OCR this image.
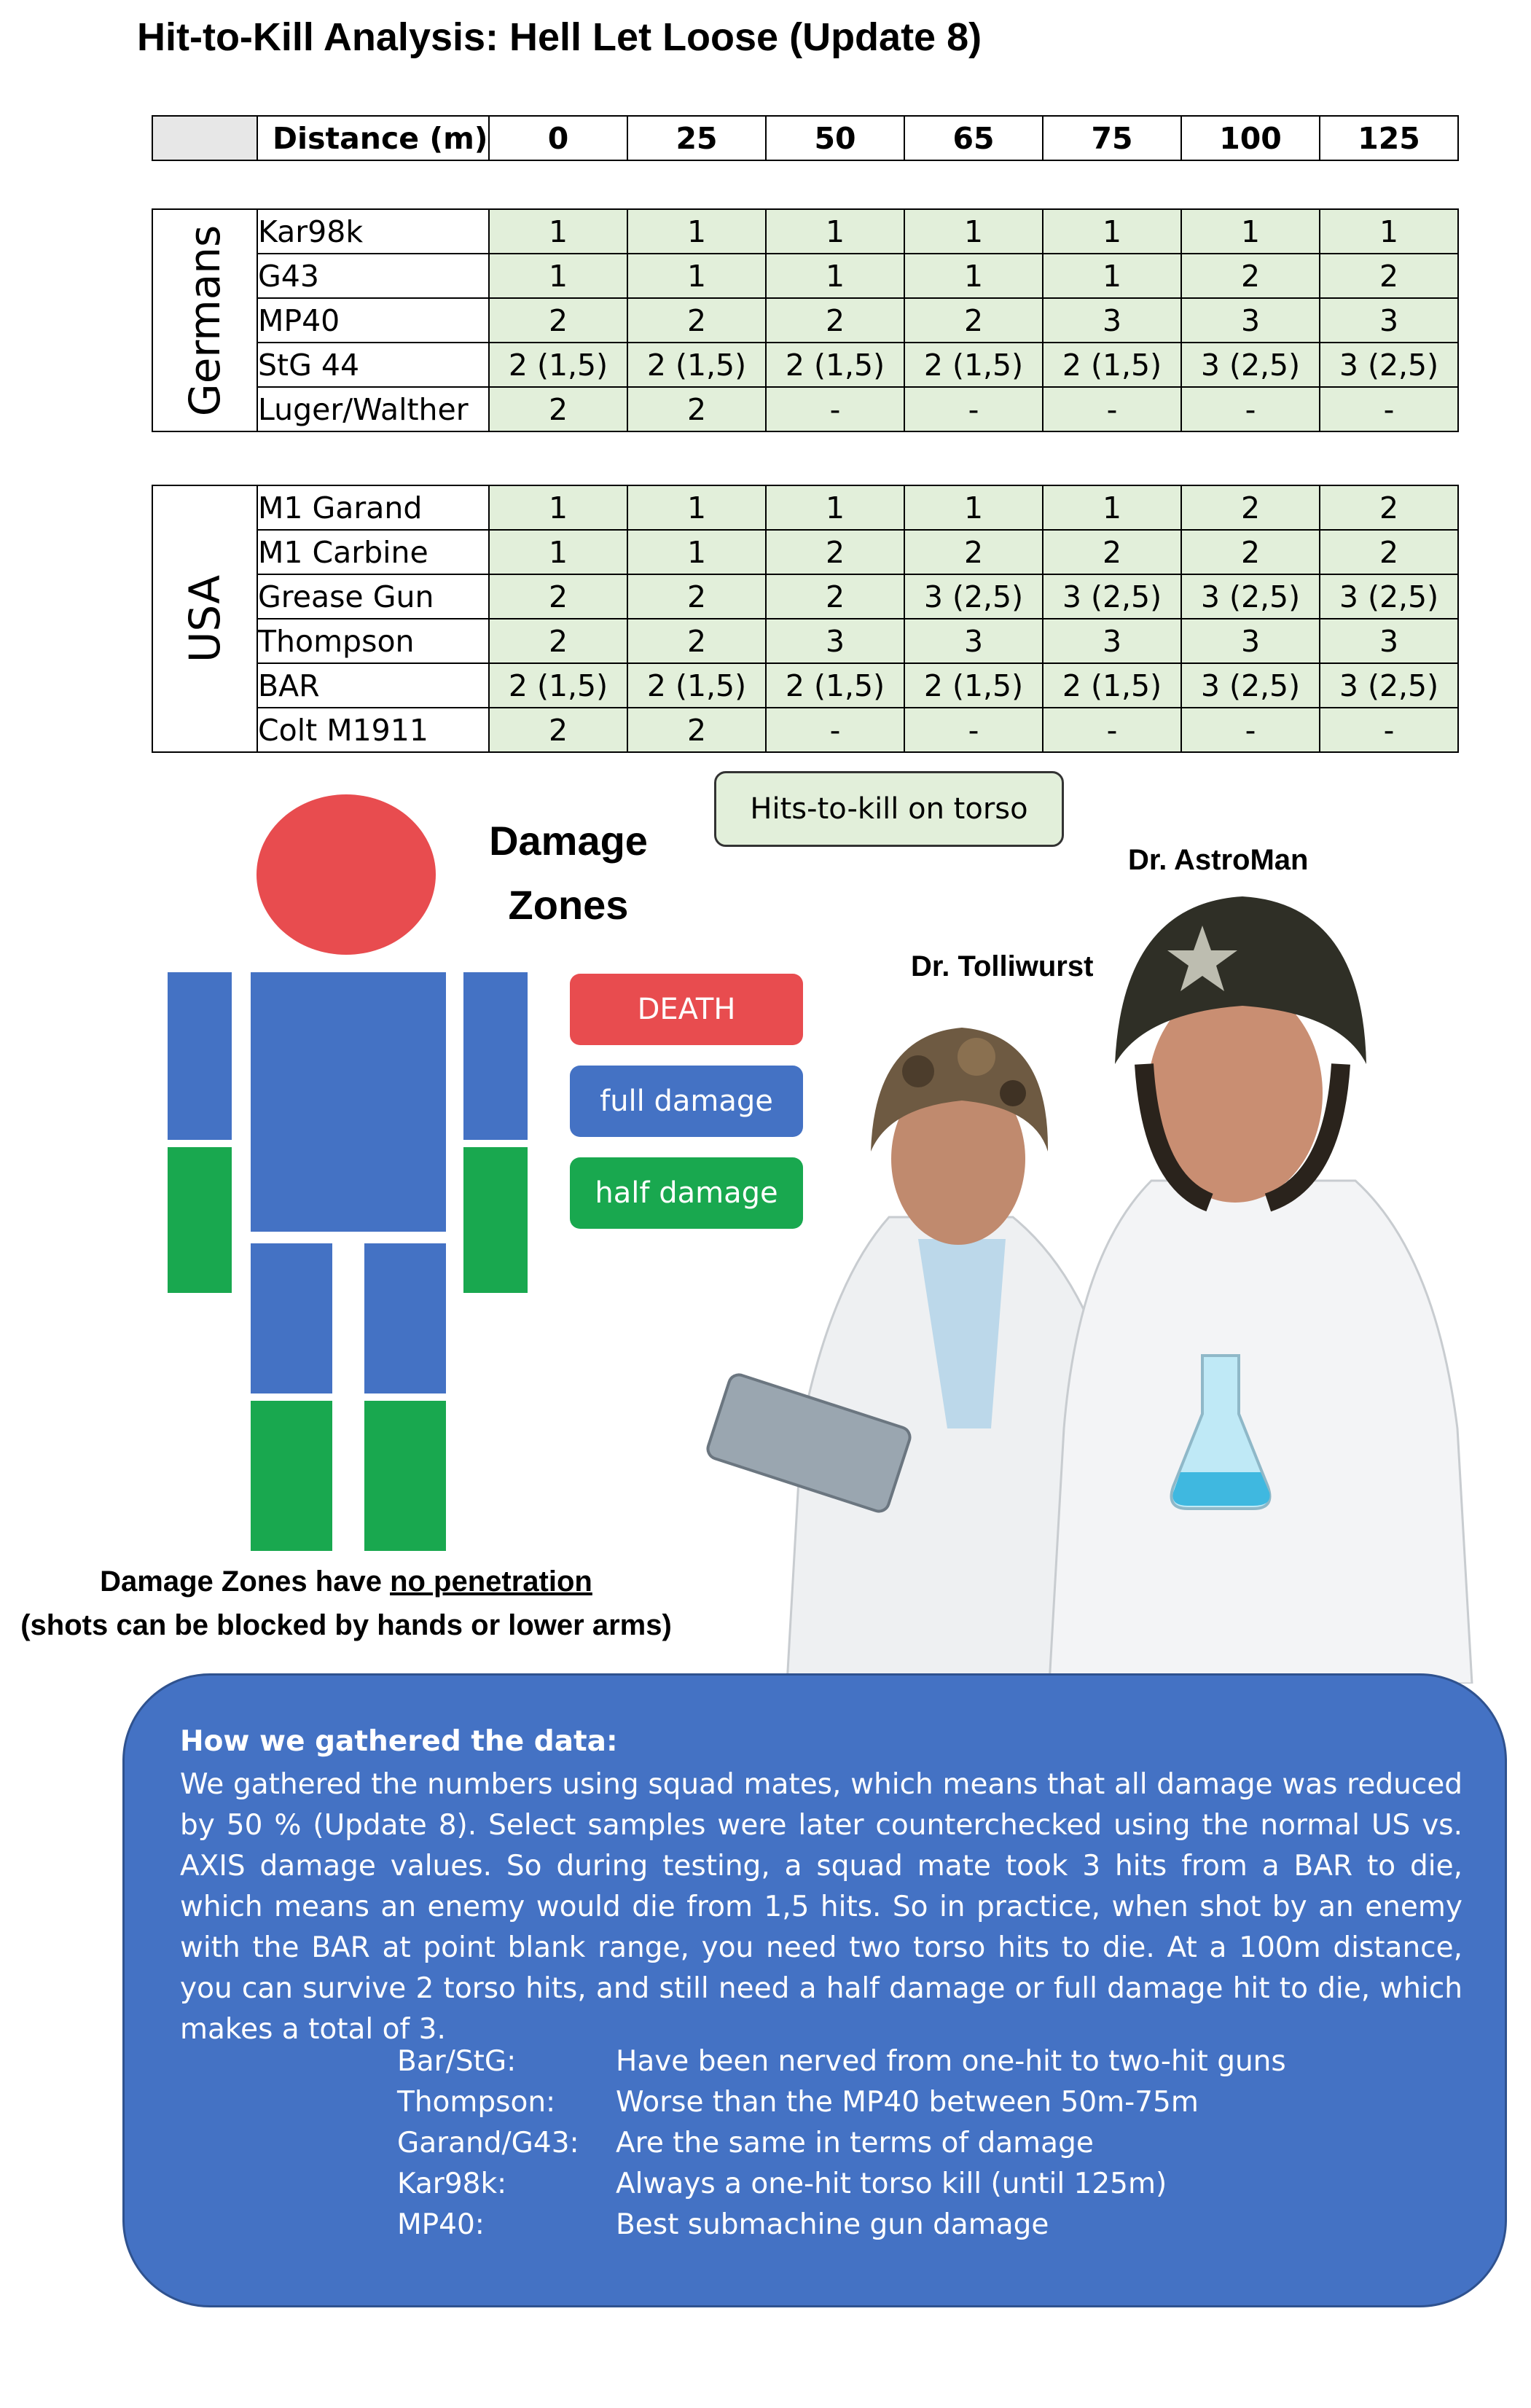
Hit-to-Kill Analysis: Hell Let Loose (Update 8)
	Distance (m)	0	25	50	65	75	100	125
Germans	Kar98k	1	1	1	1	1	1	1
	G43	1	1	1	1	1	2	2
	MP40	2	2	2	2	3	3	3
	StG 44	2 (1,5)	2 (1,5)	2 (1,5)	2 (1,5)	2 (1,5)	3 (2,5)	3 (2,5)
	Luger/Walther	2	2	-	-	-	-	-
USA	M1 Garand	1	1	1	1	1	2	2
	M1 Carbine	1	1	2	2	2	2	2
	Grease Gun	2	2	2	3 (2,5)	3 (2,5)	3 (2,5)	3 (2,5)
	Thompson	2	2	3	3	3	3	3
	BAR	2 (1,5)	2 (1,5)	2 (1,5)	2 (1,5)	2 (1,5)	3 (2,5)	3 (2,5)
	Colt M1911	2	2	-	-	-	-	-
Hits-to-kill on torso
Damage
Zones
DEATH
full damage
half damage
Damage Zones have no penetration
(shots can be blocked by hands or lower arms)
Dr. Tolliwurst
Dr. AstroMan
How we gathered the data:
We gathered the numbers using squad mates, which means that all damage was reduced by 50 % (Update 8). Select samples were later counterchecked using the normal US vs. AXIS damage values. So during testing, a squad mate took 3 hits from a BAR to die, which means an enemy would die from 1,5 hits. So in practice, when shot by an enemy with the BAR at point blank range, you need two torso hits to die. At a 100m distance, you can survive 2 torso hits, and still need a half damage or full damage hit to die, which makes a total of 3.
Bar/StG:	Have been nerved from one-hit to two-hit guns
Thompson:	Worse than the MP40 between 50m-75m
Garand/G43:	Are the same in terms of damage
Kar98k:	Always a one-hit torso kill (until 125m)
MP40:	Best submachine gun damage
